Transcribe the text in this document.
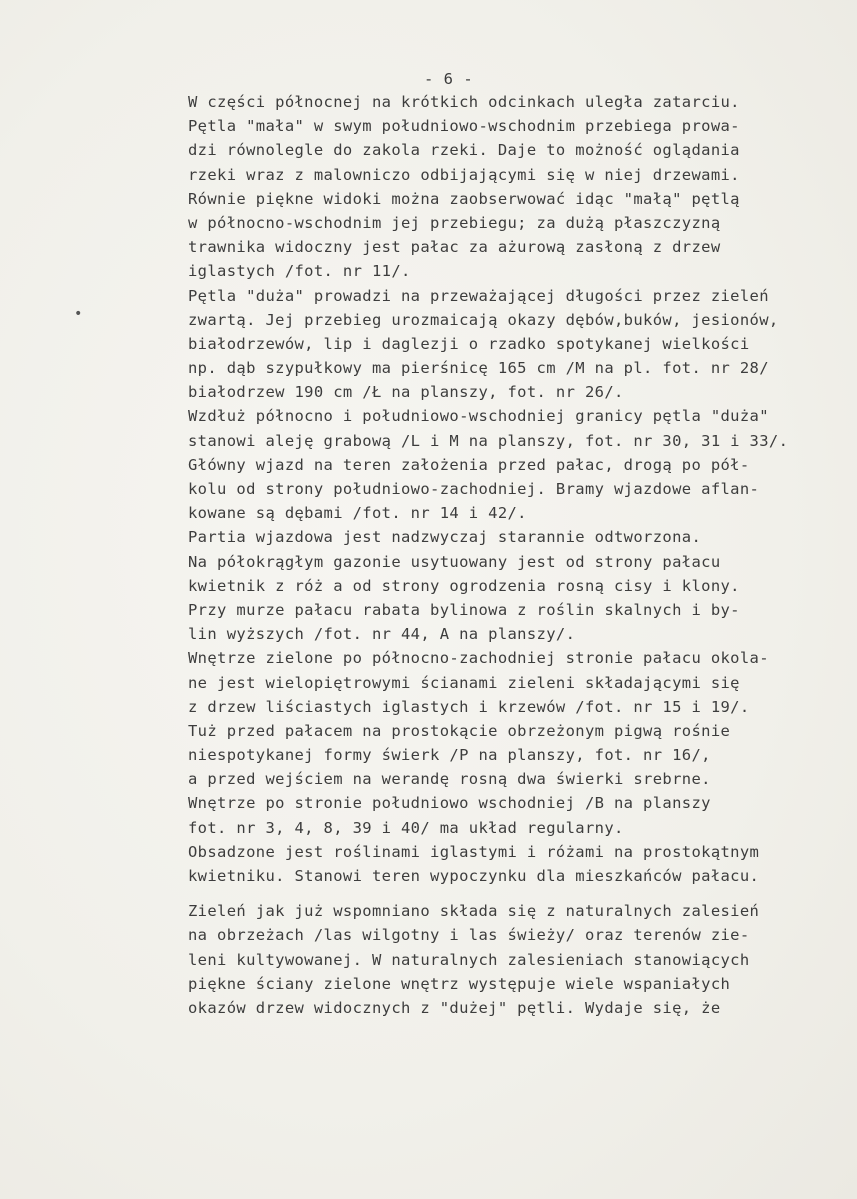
- 6 -
•
W części północnej na krótkich odcinkach uległa zatarciu.
Pętla "mała" w swym południowo-wschodnim przebiega prowa-
dzi równolegle do zakola rzeki. Daje to możność oglądania
rzeki wraz z malowniczo odbijającymi się w niej drzewami.
Równie piękne widoki można zaobserwować idąc "małą" pętlą
w północno-wschodnim jej przebiegu; za dużą płaszczyzną
trawnika widoczny jest pałac za ażurową zasłoną z drzew
iglastych /fot. nr 11/.
Pętla "duża" prowadzi na przeważającej długości przez zieleń
zwartą. Jej przebieg urozmaicają okazy dębów,buków, jesionów,
białodrzewów, lip i daglezji o rzadko spotykanej wielkości
np. dąb szypułkowy ma pierśnicę 165 cm /M na pl. fot. nr 28/
białodrzew 190 cm /Ł na planszy, fot. nr 26/.
Wzdłuż północno i południowo-wschodniej granicy pętla "duża"
stanowi aleję grabową /L i M na planszy, fot. nr 30, 31 i 33/.
Główny wjazd na teren założenia przed pałac, drogą po pół-
kolu od strony południowo-zachodniej. Bramy wjazdowe aflan-
kowane są dębami /fot. nr 14 i 42/.
Partia wjazdowa jest nadzwyczaj starannie odtworzona.
Na półokrągłym gazonie usytuowany jest od strony pałacu
kwietnik z róż a od strony ogrodzenia rosną cisy i klony.
Przy murze pałacu rabata bylinowa z roślin skalnych i by-
lin wyższych /fot. nr 44, A na planszy/.
Wnętrze zielone po północno-zachodniej stronie pałacu okola-
ne jest wielopiętrowymi ścianami zieleni składającymi się
z drzew liściastych iglastych i krzewów /fot. nr 15 i 19/.
Tuż przed pałacem na prostokącie obrzeżonym pigwą rośnie
niespotykanej formy świerk /P na planszy, fot. nr 16/,
a przed wejściem na werandę rosną dwa świerki srebrne.
Wnętrze po stronie południowo wschodniej /B na planszy
fot. nr 3, 4, 8, 39 i 40/ ma układ regularny.
Obsadzone jest roślinami iglastymi i różami na prostokątnym
kwietniku. Stanowi teren wypoczynku dla mieszkańców pałacu.
Zieleń jak już wspomniano składa się z naturalnych zalesień
na obrzeżach /las wilgotny i las świeży/ oraz terenów zie-
leni kultywowanej. W naturalnych zalesieniach stanowiących
piękne ściany zielone wnętrz występuje wiele wspaniałych
okazów drzew widocznych z "dużej" pętli. Wydaje się, że
